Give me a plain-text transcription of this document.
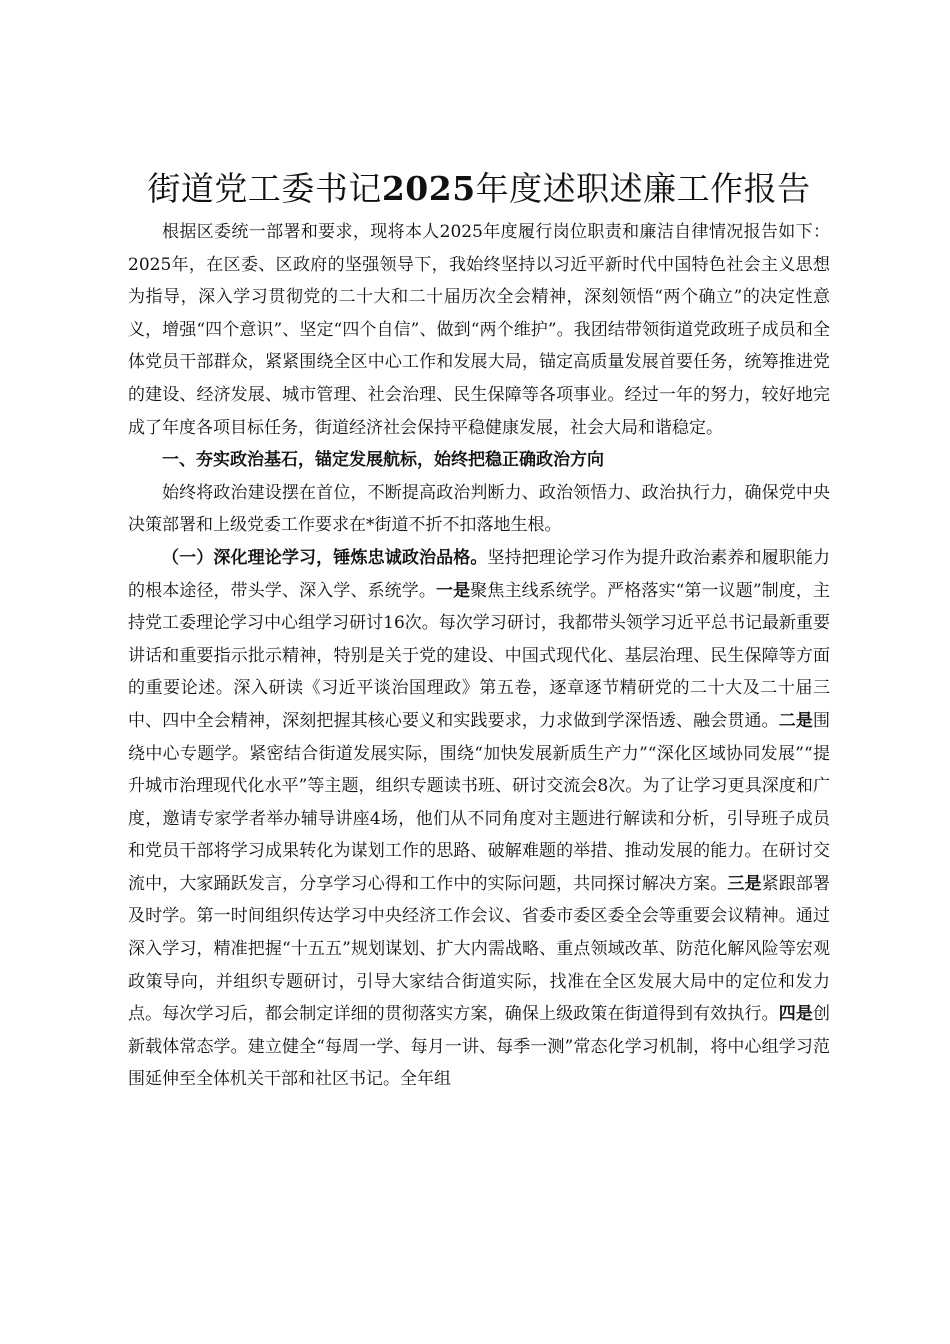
街道党工委书记2025年度述职述廉工作报告

根据区委统一部署和要求，现将本人2025年度履行岗位职责和廉洁自律情况报告如下：2025年，在区委、区政府的坚强领导下，我始终坚持以习近平新时代中国特色社会主义思想为指导，深入学习贯彻党的二十大和二十届历次全会精神，深刻领悟“两个确立”的决定性意义，增强“四个意识”、坚定“四个自信”、做到“两个维护”。我团结带领街道党政班子成员和全体党员干部群众，紧紧围绕全区中心工作和发展大局，锚定高质量发展首要任务，统筹推进党的建设、经济发展、城市管理、社会治理、民生保障等各项事业。经过一年的努力，较好地完成了年度各项目标任务，街道经济社会保持平稳健康发展，社会大局和谐稳定。

一、夯实政治基石，锚定发展航标，始终把稳正确政治方向

始终将政治建设摆在首位，不断提高政治判断力、政治领悟力、政治执行力，确保党中央决策部署和上级党委工作要求在*街道不折不扣落地生根。

（一）深化理论学习，锤炼忠诚政治品格。坚持把理论学习作为提升政治素养和履职能力的根本途径，带头学、深入学、系统学。一是聚焦主线系统学。严格落实“第一议题”制度，主持党工委理论学习中心组学习研讨16次。每次学习研讨，我都带头领学习近平总书记最新重要讲话和重要指示批示精神，特别是关于党的建设、中国式现代化、基层治理、民生保障等方面的重要论述。深入研读《习近平谈治国理政》第五卷，逐章逐节精研党的二十大及二十届三中、四中全会精神，深刻把握其核心要义和实践要求，力求做到学深悟透、融会贯通。二是围绕中心专题学。紧密结合街道发展实际，围绕“加快发展新质生产力”“深化区域协同发展”“提升城市治理现代化水平”等主题，组织专题读书班、研讨交流会8次。为了让学习更具深度和广度，邀请专家学者举办辅导讲座4场，他们从不同角度对主题进行解读和分析，引导班子成员和党员干部将学习成果转化为谋划工作的思路、破解难题的举措、推动发展的能力。在研讨交流中，大家踊跃发言，分享学习心得和工作中的实际问题，共同探讨解决方案。三是紧跟部署及时学。第一时间组织传达学习中央经济工作会议、省委市委区委全会等重要会议精神。通过深入学习，精准把握“十五五”规划谋划、扩大内需战略、重点领域改革、防范化解风险等宏观政策导向，并组织专题研讨，引导大家结合街道实际，找准在全区发展大局中的定位和发力点。每次学习后，都会制定详细的贯彻落实方案，确保上级政策在街道得到有效执行。四是创新载体常态学。建立健全“每周一学、每月一讲、每季一测”常态化学习机制，将中心组学习范围延伸至全体机关干部和社区书记。全年组
